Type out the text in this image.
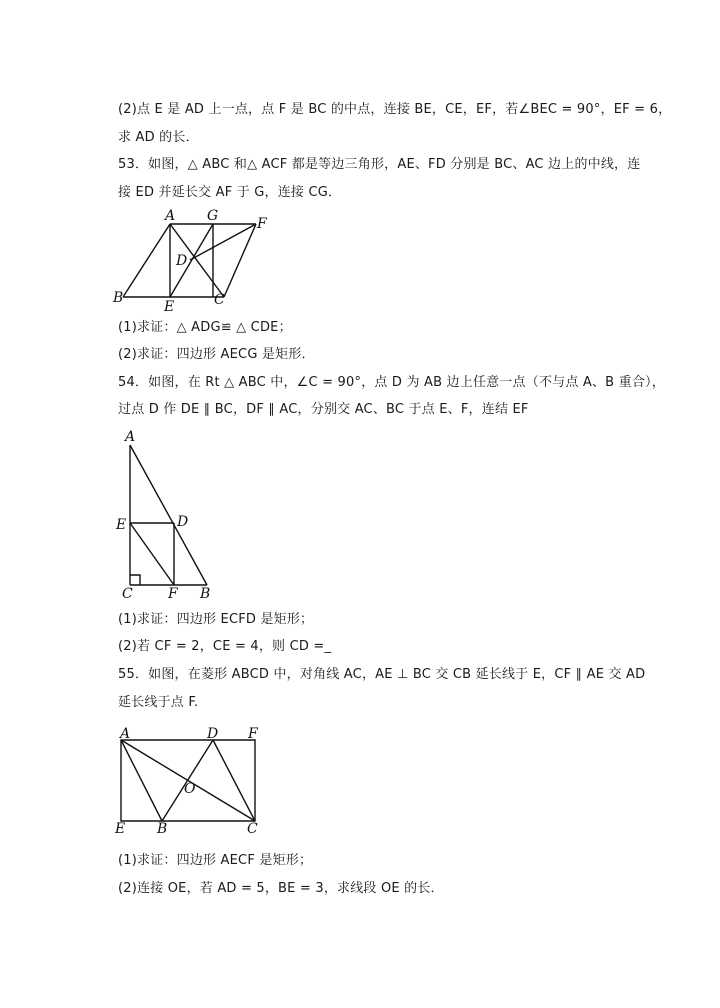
(2)点 E 是 AD 上一点，点 F 是 BC 的中点，连接 BE，CE，EF，若∠BEC = 90°，EF = 6，
求 AD 的长．
53．如图，△ ABC 和△ ACF 都是等边三角形，AE、FD 分别是 BC、AC 边上的中线，连
接 ED 并延长交 AF 于 G，连接 CG．
A G	F
D
B
E	C
(1)求证：△ ADG≌ △ CDE；
(2)求证：四边形 AECG 是矩形．
54．如图，在 Rt △ ABC 中，∠C = 90°，点 D 为 AB 边上任意一点（不与点 A、B 重合），
过点 D 作 DE ∥ BC，DF ∥ AC，分别交 AC、BC 于点 E、F，连结 EF
A
E	D
C	F B
(1)求证：四边形 ECFD 是矩形；
(2)若 CF = 2，CE = 4，则 CD =_
55．如图，在菱形 ABCD 中，对角线 AC，AE ⊥ BC 交 CB 延长线于 E，CF ∥ AE 交 AD
延长线于点 F.
A	D F
O
E B	C
(1)求证：四边形 AECF 是矩形；
(2)连接 OE，若 AD = 5，BE = 3，求线段 OE 的长．
